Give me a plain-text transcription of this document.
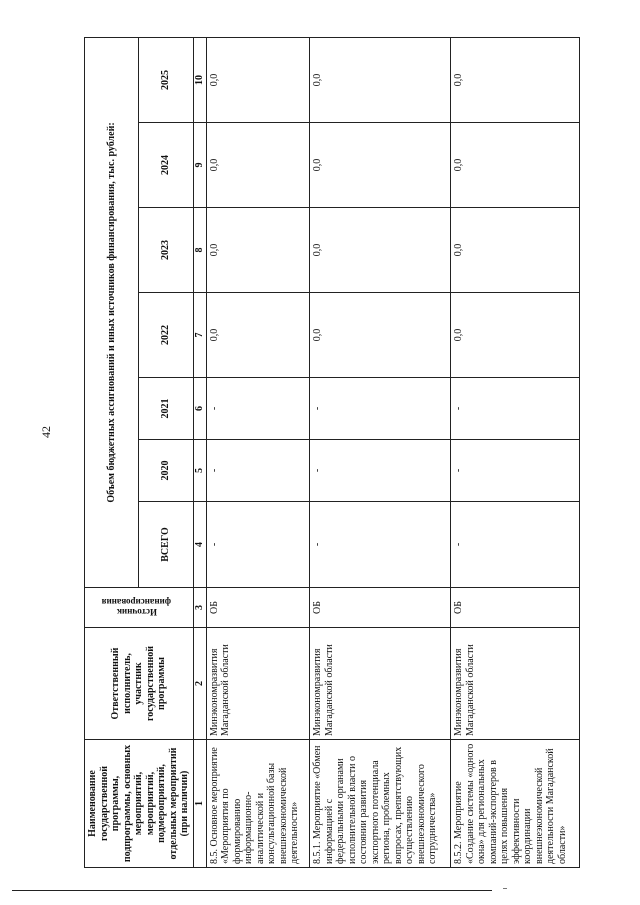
42
Наименование государственной программы, подпрограммы, основных мероприятий, мероприятий, подмероприятий, отдельных мероприятий (при наличии)	Ответственный исполнитель, участник государственной программы	Источник финансирования	Объем бюджетных ассигнований и иных источников финансирования, тыс. рублей:						
			ВСЕГО	2020	2021	2022	2023	2024	2025
1	2	3	4	5	6	7	8	9	10
8.5. Основное мероприятие «Мероприятия по формированию информационно-аналитической и консультационной базы внешнеэкономической деятельности»	Минэкономразвития Магаданской области	ОБ	-	-	-	0,0	0,0	0,0	0,0
8.5.1. Мероприятие «Обмен информацией с федеральными органами исполнительной власти о состоянии развития экспортного потенциала региона, проблемных вопросах, препятствующих осуществлению внешнеэкономического сотрудничества»	Минэкономразвития Магаданской области	ОБ	-	-	-	0,0	0,0	0,0	0,0
8.5.2. Мероприятие «Создание системы «одного окна» для региональных компаний-экспортеров в целях повышения эффективности координации внешнеэкономической деятельности Магаданской области»	Минэкономразвития Магаданской области	ОБ	-	-	-	0,0	0,0	0,0	0,0
